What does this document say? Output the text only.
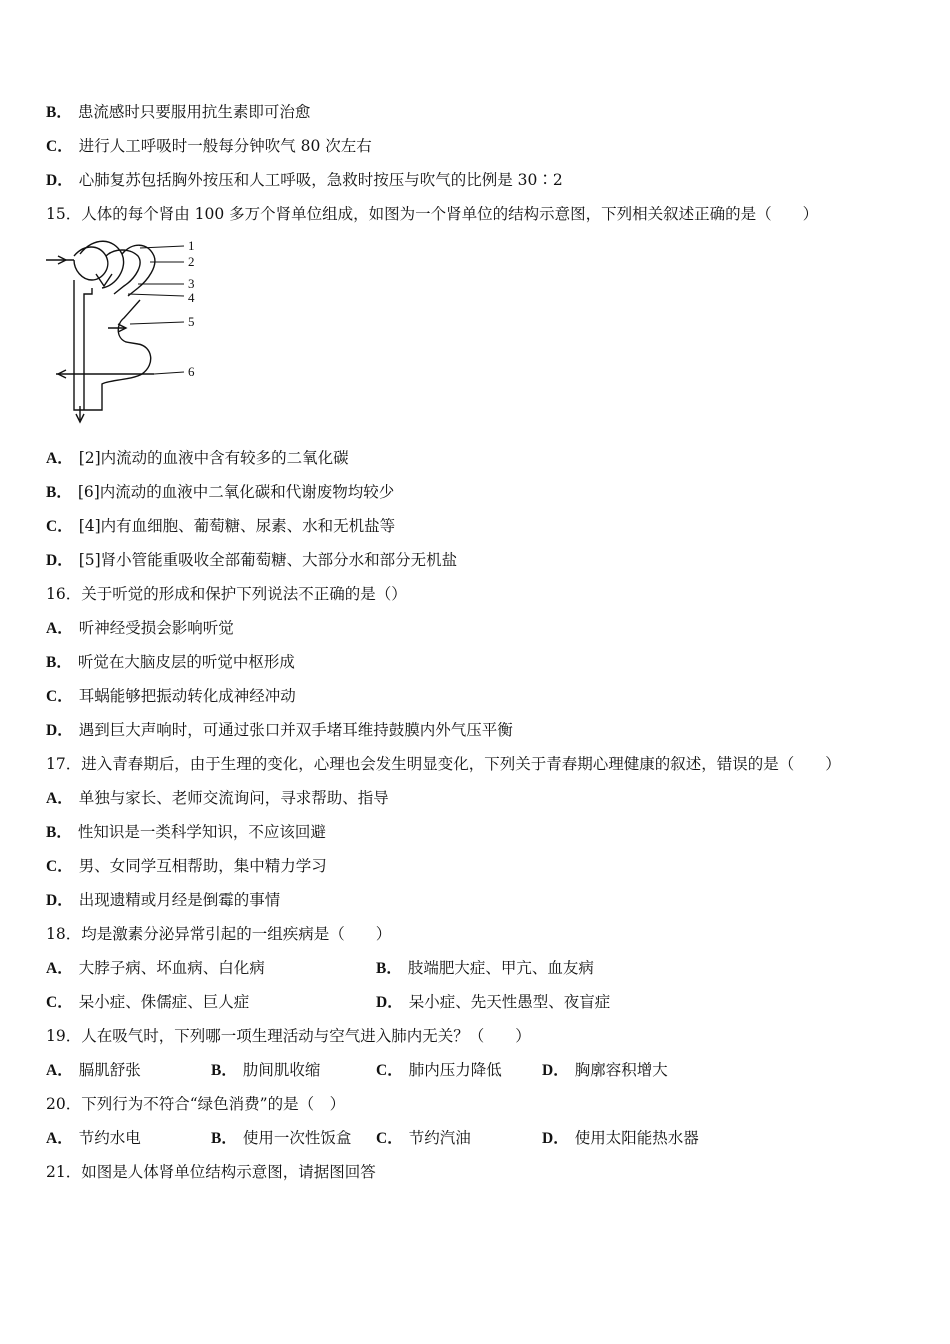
B． 患流感时只要服用抗生素即可治愈
C． 进行人工呼吸时一般每分钟吹气 80 次左右
D． 心肺复苏包括胸外按压和人工呼吸，急救时按压与吹气的比例是 30∶2
15．人体的每个肾由 100 多万个肾单位组成，如图为一个肾单位的结构示意图，下列相关叙述正确的是（　　）
1
2
3
4
5
6
A． [2]内流动的血液中含有较多的二氧化碳
B． [6]内流动的血液中二氧化碳和代谢废物均较少
C． [4]内有血细胞、葡萄糖、尿素、水和无机盐等
D． [5]肾小管能重吸收全部葡萄糖、大部分水和部分无机盐
16．关于听觉的形成和保护下列说法不正确的是（）
A． 听神经受损会影响听觉
B． 听觉在大脑皮层的听觉中枢形成
C． 耳蜗能够把振动转化成神经冲动
D． 遇到巨大声响时，可通过张口并双手堵耳维持鼓膜内外气压平衡
17．进入青春期后，由于生理的变化，心理也会发生明显变化，下列关于青春期心理健康的叙述，错误的是（　　）
A． 单独与家长、老师交流询问，寻求帮助、指导
B． 性知识是一类科学知识，不应该回避
C． 男、女同学互相帮助，集中精力学习
D． 出现遗精或月经是倒霉的事情
18．均是激素分泌异常引起的一组疾病是（　　）
A． 大脖子病、坏血病、白化病	B． 肢端肥大症、甲亢、血友病
C． 呆小症、侏儒症、巨人症	D． 呆小症、先天性愚型、夜盲症
19．人在吸气时，下列哪一项生理活动与空气进入肺内无关？（　　）
A． 膈肌舒张	B． 肋间肌收缩	C． 肺内压力降低	D． 胸廓容积增大
20．下列行为不符合“绿色消费”的是（　）
A． 节约水电	B． 使用一次性饭盒 C． 节约汽油	D． 使用太阳能热水器
21．如图是人体肾单位结构示意图，请据图回答
